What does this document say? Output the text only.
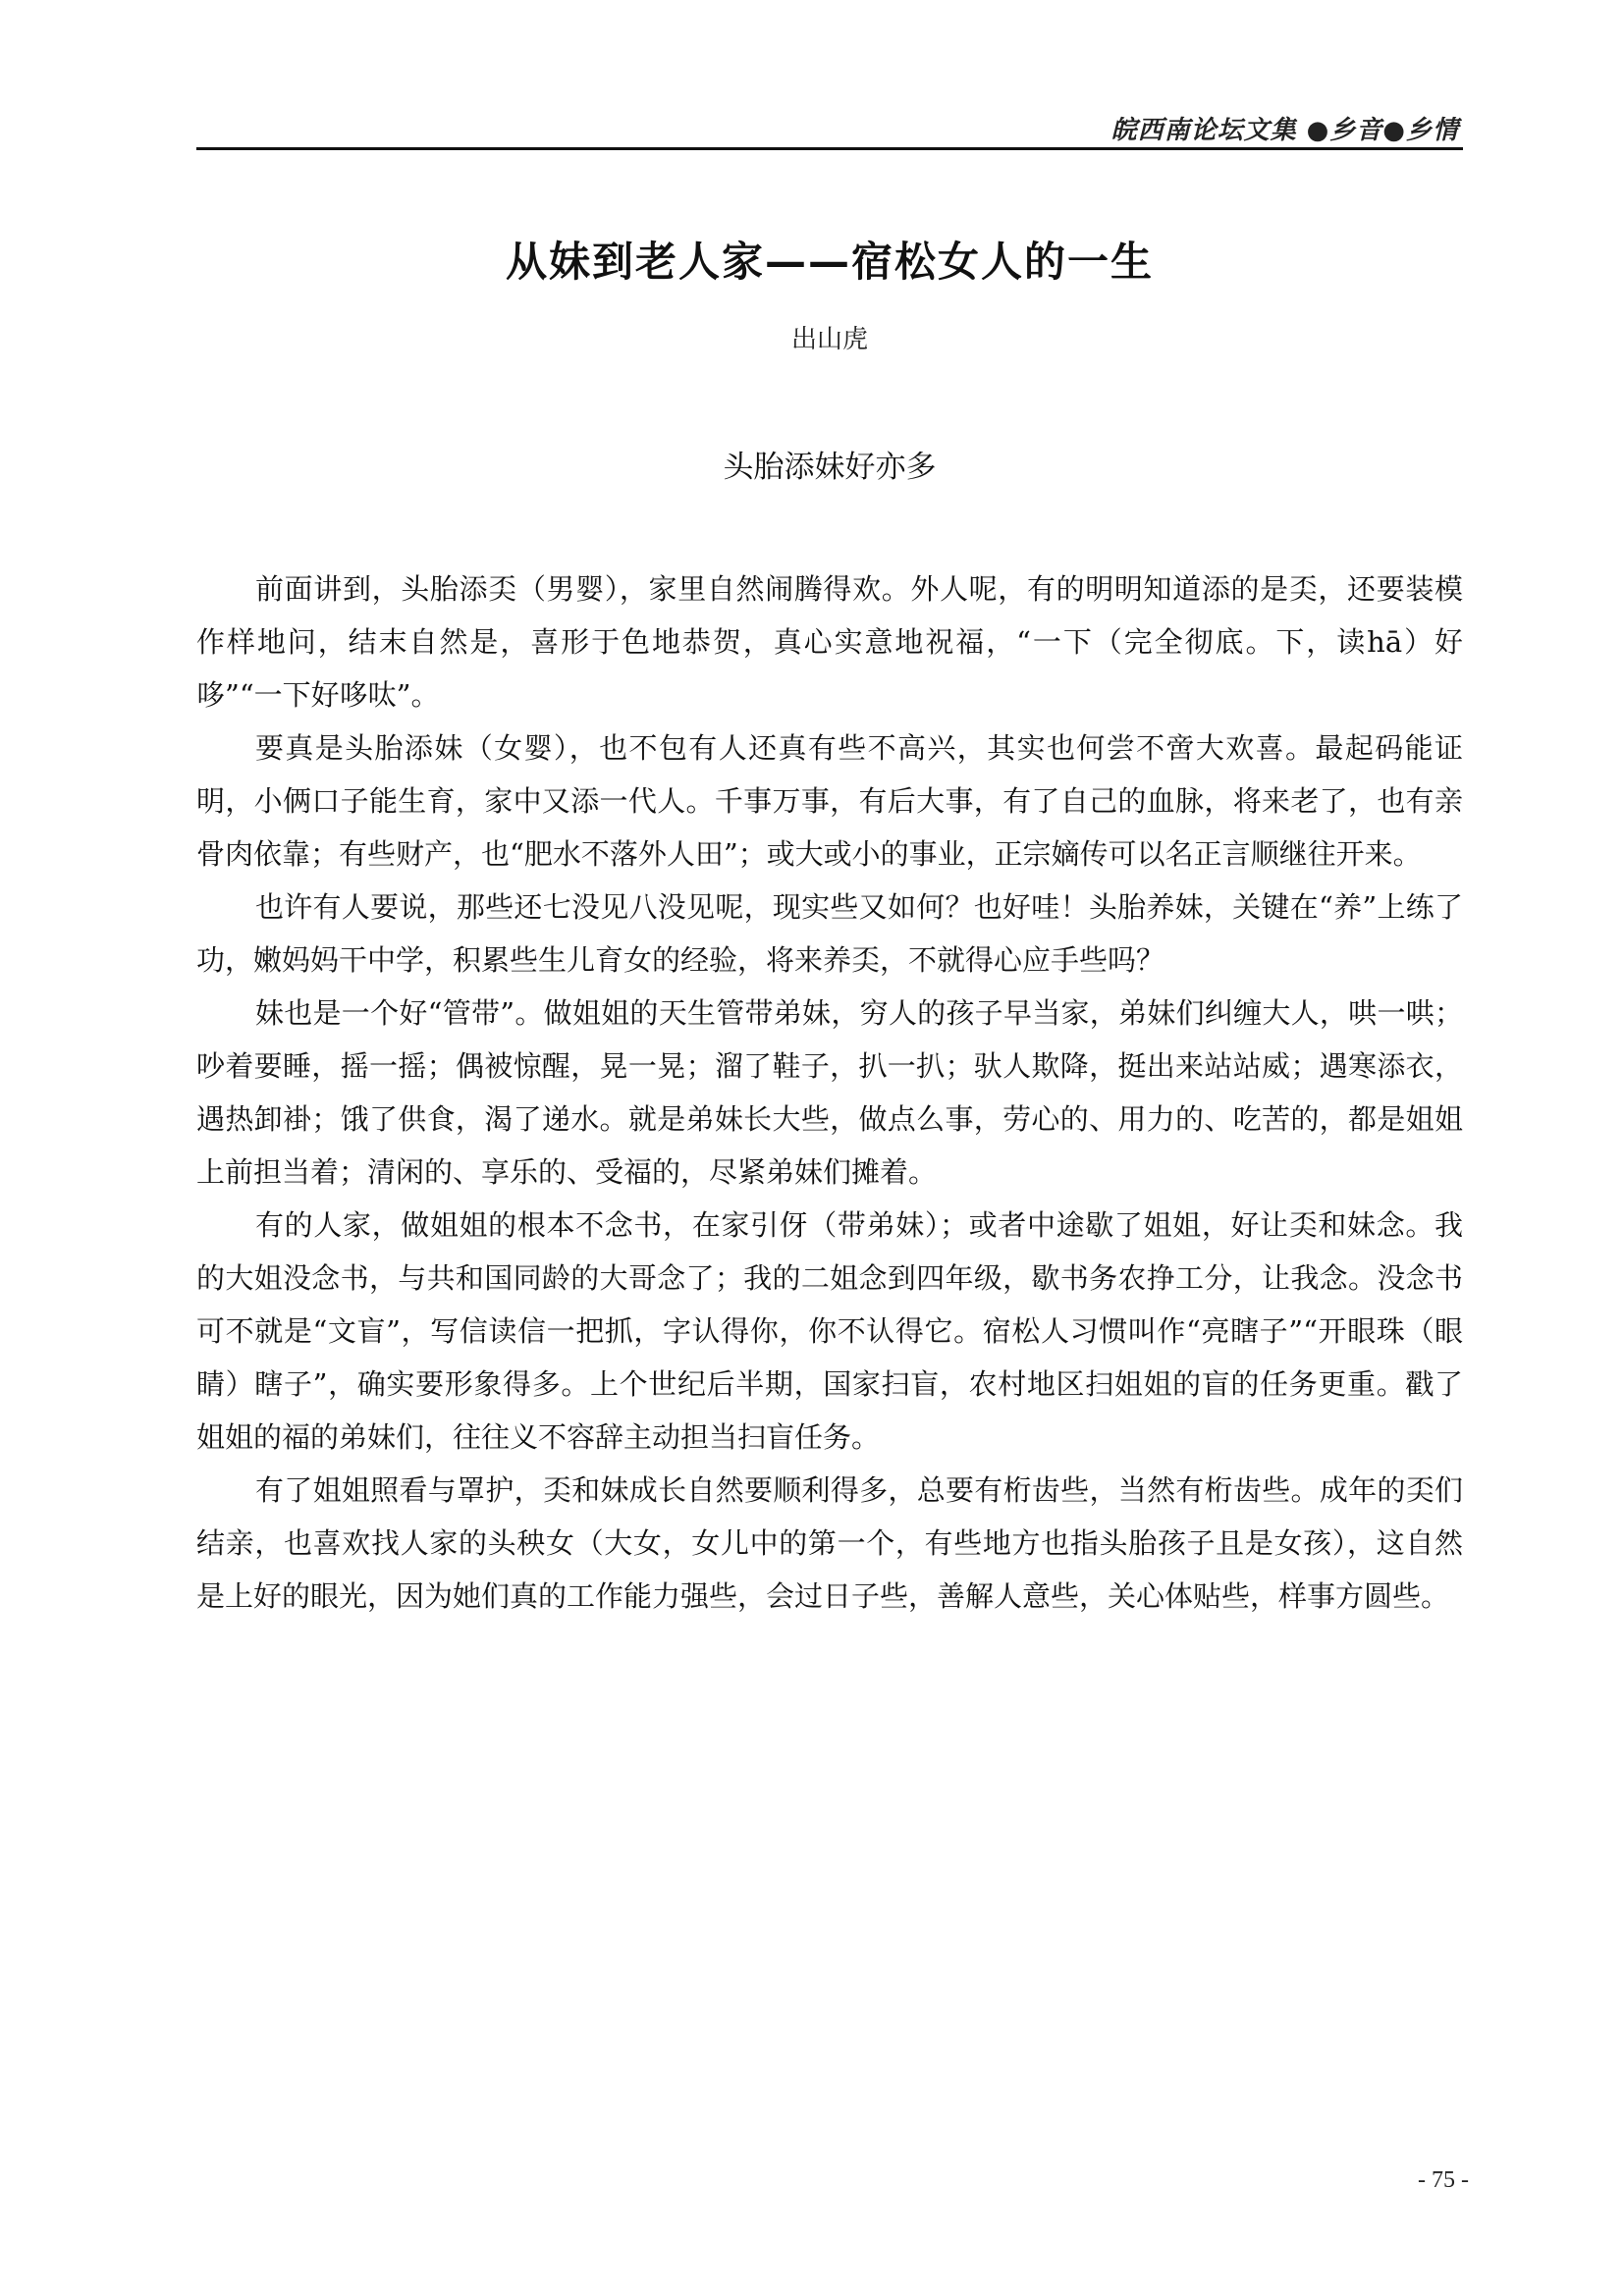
皖西南论坛文集 ●乡音●乡情
从妹到老人家——宿松女人的一生
出山虎
头胎添妹好亦多

前面讲到，头胎添奀（男婴），家里自然闹腾得欢。外人呢，有的明明知道添的是奀，还要装模作样地问，结末自然是，喜形于色地恭贺，真心实意地祝福，“一下（完全彻底。下，读hā）好哆”“一下好哆呔”。

要真是头胎添妹（女婴），也不包有人还真有些不高兴，其实也何尝不啻大欢喜。最起码能证明，小俩口子能生育，家中又添一代人。千事万事，有后大事，有了自己的血脉，将来老了，也有亲骨肉依靠；有些财产，也“肥水不落外人田”；或大或小的事业，正宗嫡传可以名正言顺继往开来。

也许有人要说，那些还七没见八没见呢，现实些又如何？也好哇！头胎养妹，关键在“养”上练了功，嫩妈妈干中学，积累些生儿育女的经验，将来养奀，不就得心应手些吗？

妹也是一个好“管带”。做姐姐的天生管带弟妹，穷人的孩子早当家，弟妹们纠缠大人，哄一哄；吵着要睡，摇一摇；偶被惊醒，晃一晃；溜了鞋子，扒一扒；驮人欺降，挺出来站站威；遇寒添衣，遇热卸褂；饿了供食，渴了递水。就是弟妹长大些，做点么事，劳心的、用力的、吃苦的，都是姐姐上前担当着；清闲的、享乐的、受福的，尽紧弟妹们摊着。

有的人家，做姐姐的根本不念书，在家引伢（带弟妹）；或者中途歇了姐姐，好让奀和妹念。我的大姐没念书，与共和国同龄的大哥念了；我的二姐念到四年级，歇书务农挣工分，让我念。没念书可不就是“文盲”，写信读信一把抓，字认得你，你不认得它。宿松人习惯叫作“亮瞎子”“开眼珠（眼睛）瞎子”，确实要形象得多。上个世纪后半期，国家扫盲，农村地区扫姐姐的盲的任务更重。戳了姐姐的福的弟妹们，往往义不容辞主动担当扫盲任务。

有了姐姐照看与罩护，奀和妹成长自然要顺利得多，总要有桁齿些，当然有桁齿些。成年的奀们结亲，也喜欢找人家的头秧女（大女，女儿中的第一个，有些地方也指头胎孩子且是女孩），这自然是上好的眼光，因为她们真的工作能力强些，会过日子些，善解人意些，关心体贴些，样事方圆些。

- 75 -
